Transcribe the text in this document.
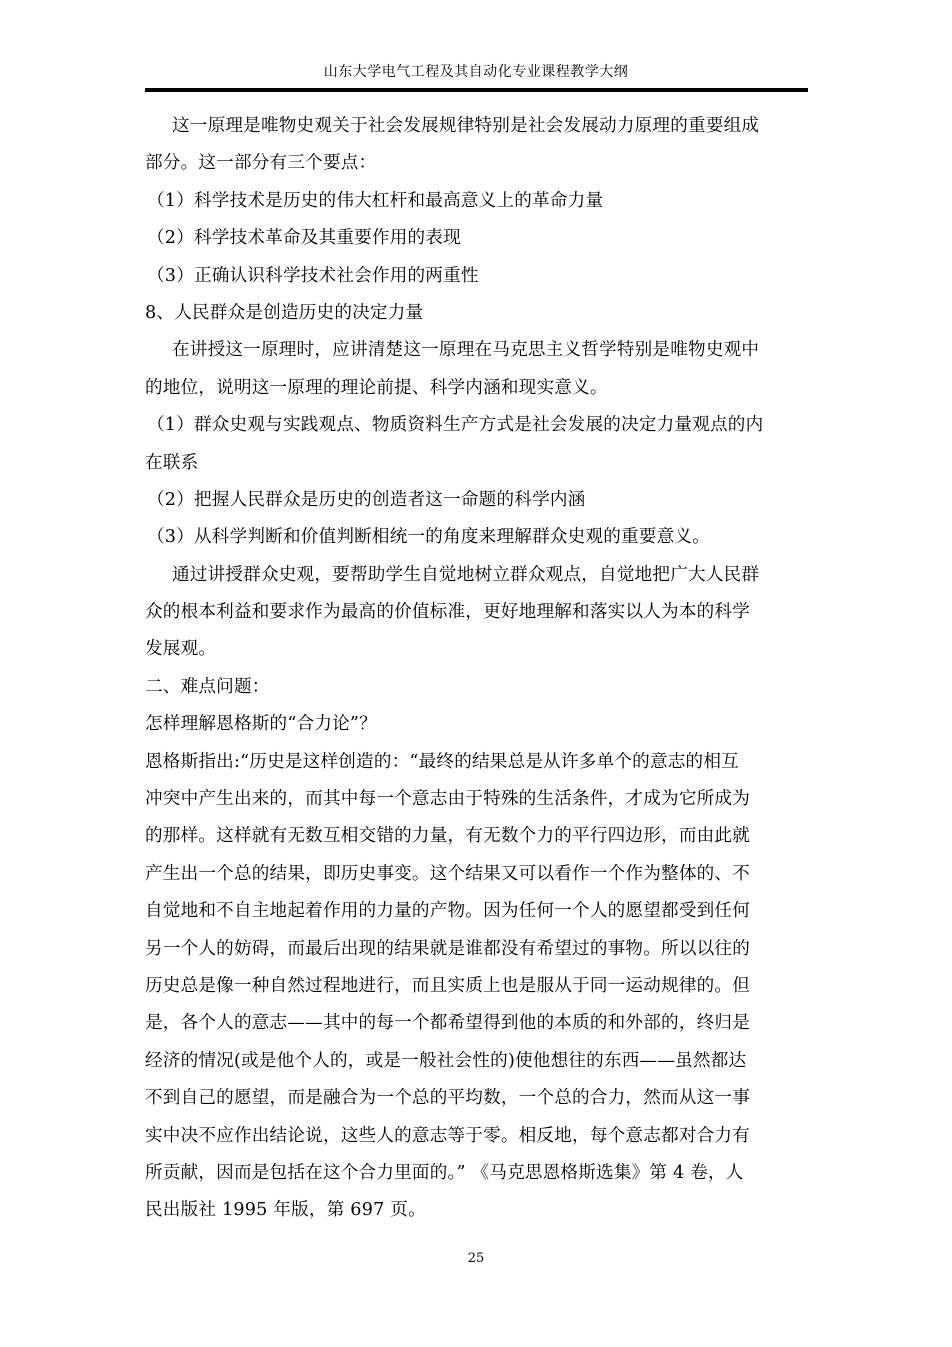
山东大学电气工程及其自动化专业课程教学大纲
这一原理是唯物史观关于社会发展规律特别是社会发展动力原理的重要组成
部分。这一部分有三个要点：
（1）科学技术是历史的伟大杠杆和最高意义上的革命力量
（2）科学技术革命及其重要作用的表现
（3）正确认识科学技术社会作用的两重性
8、人民群众是创造历史的决定力量
在讲授这一原理时，应讲清楚这一原理在马克思主义哲学特别是唯物史观中
的地位，说明这一原理的理论前提、科学内涵和现实意义。
（1）群众史观与实践观点、物质资料生产方式是社会发展的决定力量观点的内
在联系
（2）把握人民群众是历史的创造者这一命题的科学内涵
（3）从科学判断和价值判断相统一的角度来理解群众史观的重要意义。
通过讲授群众史观，要帮助学生自觉地树立群众观点，自觉地把广大人民群
众的根本利益和要求作为最高的价值标准，更好地理解和落实以人为本的科学
发展观。
二、难点问题：
怎样理解恩格斯的“合力论”？
恩格斯指出:“历史是这样创造的：“最终的结果总是从许多单个的意志的相互
冲突中产生出来的，而其中每一个意志由于特殊的生活条件，才成为它所成为
的那样。这样就有无数互相交错的力量，有无数个力的平行四边形，而由此就
产生出一个总的结果，即历史事变。这个结果又可以看作一个作为整体的、不
自觉地和不自主地起着作用的力量的产物。因为任何一个人的愿望都受到任何
另一个人的妨碍，而最后出现的结果就是谁都没有希望过的事物。所以以往的
历史总是像一种自然过程地进行，而且实质上也是服从于同一运动规律的。但
是，各个人的意志——其中的每一个都希望得到他的本质的和外部的，终归是
经济的情况(或是他个人的，或是一般社会性的)使他想往的东西——虽然都达
不到自己的愿望，而是融合为一个总的平均数，一个总的合力，然而从这一事
实中决不应作出结论说，这些人的意志等于零。相反地，每个意志都对合力有
所贡献，因而是包括在这个合力里面的。” 《马克思恩格斯选集》第 4 卷，人
民出版社 1995 年版，第 697 页。
25
